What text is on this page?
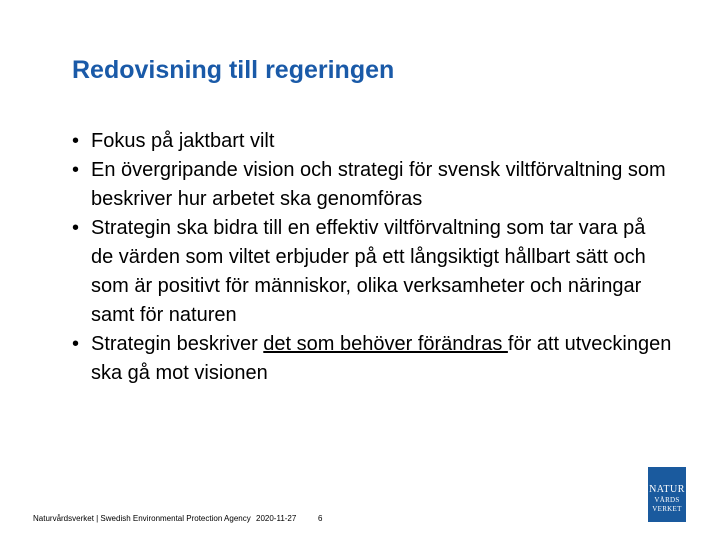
Redovisning till regeringen
• Fokus på jaktbart vilt
• En övergripande vision och strategi för svensk viltförvaltning som beskriver hur arbetet ska genomföras
• Strategin ska bidra till en effektiv viltförvaltning som tar vara på de värden som viltet erbjuder på ett långsiktigt hållbart sätt och som är positivt för människor, olika verksamheter och näringar samt för naturen
• Strategin beskriver det som behöver förändras för att utveckingen ska gå mot visionen
Naturvårdsverket | Swedish Environmental Protection Agency 2020-11-27	6
NATUR
VÅRDS
VERKET
